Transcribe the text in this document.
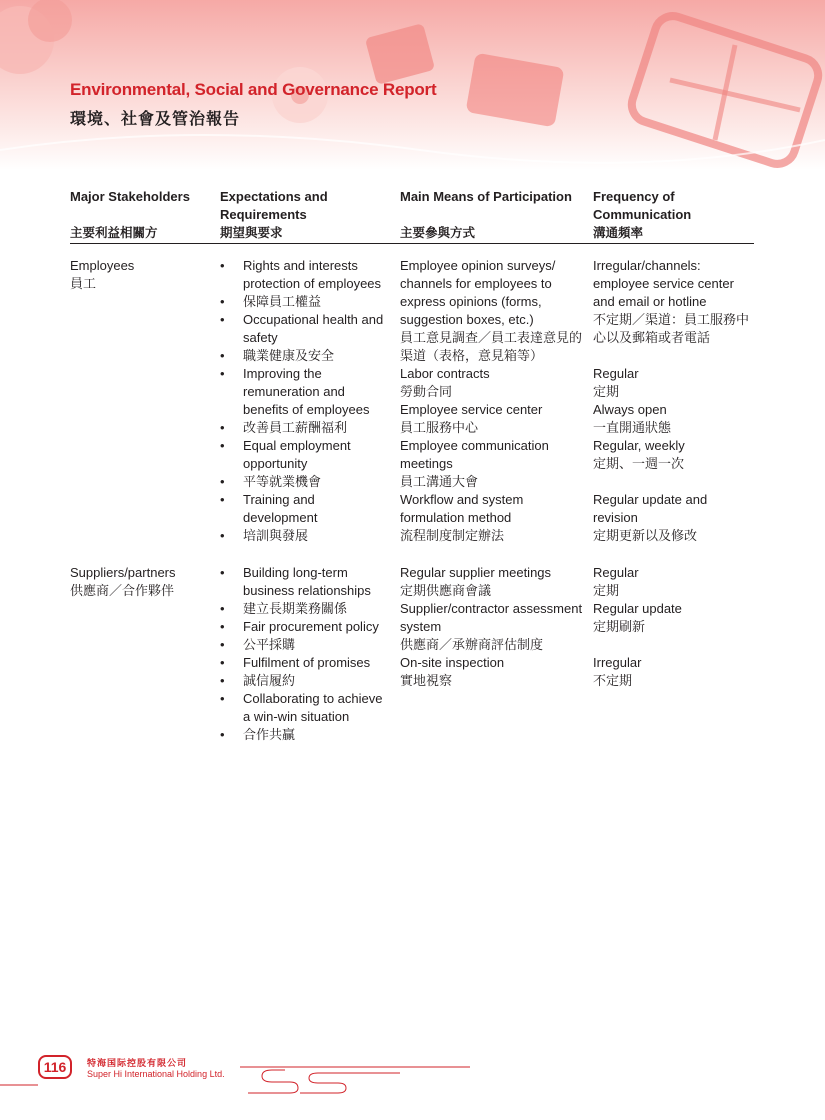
Environmental, Social and Governance Report
環境、社會及管治報告
Major Stakeholders
主要利益相關方
Expectations and Requirements
期望與要求
Main Means of Participation
主要參與方式
Frequency of Communication
溝通頻率

Employees

員工

• Rights and interests protection of employees
• 保障員工權益
• Occupational health and safety
• 職業健康及安全
• Improving the remuneration and benefits of employees
• 改善員工薪酬福利
• Equal employment opportunity
• 平等就業機會
• Training and development
• 培訓與發展

Employee opinion surveys/ channels for employees to express opinions (forms, suggestion boxes, etc.)

員工意見調查／員工表達意見的渠道（表格，意見箱等）

Labor contracts

勞動合同

Employee service center

員工服務中心

Employee communication meetings

員工溝通大會

Workflow and system formulation method

流程制度制定辦法

Irregular/channels: employee service center and email or hotline

不定期／渠道：員工服務中心以及郵箱或者電話

Regular

定期

Always open

一直開通狀態

Regular, weekly

定期、一週一次

Regular update and revision

定期更新以及修改

Suppliers/partners

供應商／合作夥伴

• Building long-term business relationships
• 建立長期業務關係
• Fair procurement policy
• 公平採購
• Fulfilment of promises
• 誠信履約
• Collaborating to achieve a win-win situation
• 合作共贏

Regular supplier meetings

定期供應商會議

Supplier/contractor assessment system

供應商／承辦商評估制度

On-site inspection

實地視察

Regular

定期

Regular update

定期刷新

Irregular

不定期

116	特海国际控股有限公司
Super Hi International Holding Ltd.
